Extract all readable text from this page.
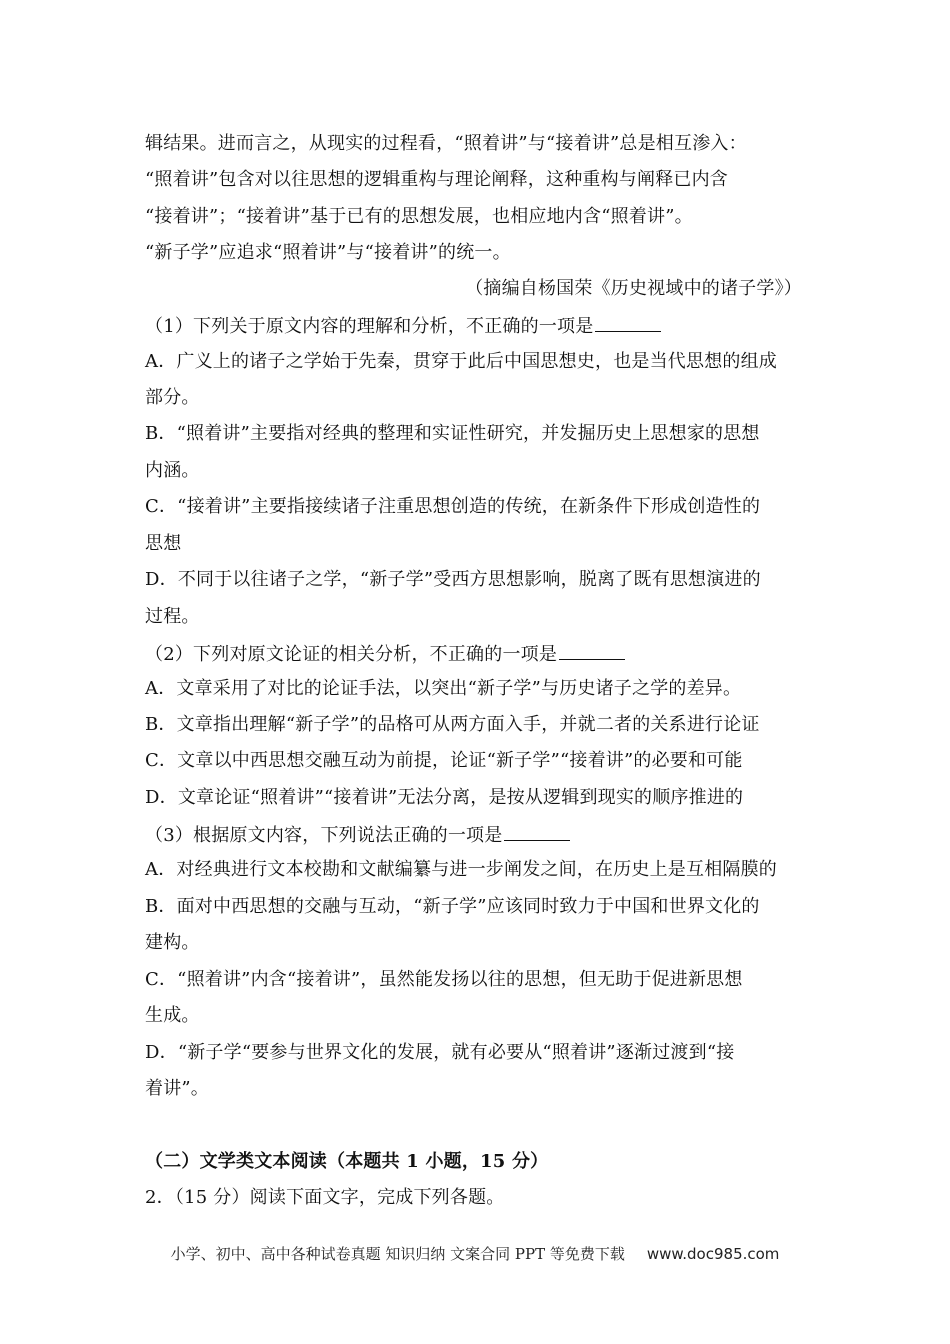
辑结果。进而言之，从现实的过程看，“照着讲”与“接着讲”总是相互渗入：
“照着讲”包含对以往思想的逻辑重构与理论阐释，这种重构与阐释已内含
“接着讲”；“接着讲”基于已有的思想发展，也相应地内含“照着讲”。
“新子学”应追求“照着讲”与“接着讲”的统一。
（摘编自杨国荣《历史视域中的诸子学》）
（1）下列关于原文内容的理解和分析，不正确的一项是
A．广义上的诸子之学始于先秦，贯穿于此后中国思想史，也是当代思想的组成
部分。
B．“照着讲”主要指对经典的整理和实证性研究，并发掘历史上思想家的思想
内涵。
C．“接着讲”主要指接续诸子注重思想创造的传统，在新条件下形成创造性的
思想
D．不同于以往诸子之学，“新子学”受西方思想影响，脱离了既有思想演进的
过程。
（2）下列对原文论证的相关分析，不正确的一项是
A．文章采用了对比的论证手法，以突出“新子学”与历史诸子之学的差异。
B．文章指出理解“新子学”的品格可从两方面入手，并就二者的关系进行论证
C．文章以中西思想交融互动为前提，论证“新子学”“接着讲”的必要和可能
D．文章论证“照着讲”“接着讲”无法分离，是按从逻辑到现实的顺序推进的
（3）根据原文内容，下列说法正确的一项是
A．对经典进行文本校勘和文献编纂与进一步阐发之间，在历史上是互相隔膜的
B．面对中西思想的交融与互动，“新子学”应该同时致力于中国和世界文化的
建构。
C．“照着讲”内含“接着讲”，虽然能发扬以往的思想，但无助于促进新思想
生成。
D．“新子学“要参与世界文化的发展，就有必要从“照着讲”逐渐过渡到“接
着讲”。
（二）文学类文本阅读（本题共 1 小题，15 分）
2．（15 分）阅读下面文字，完成下列各题。
小学、初中、高中各种试卷真题 知识归纳 文案合同 PPT 等免费下载 www.doc985.com
